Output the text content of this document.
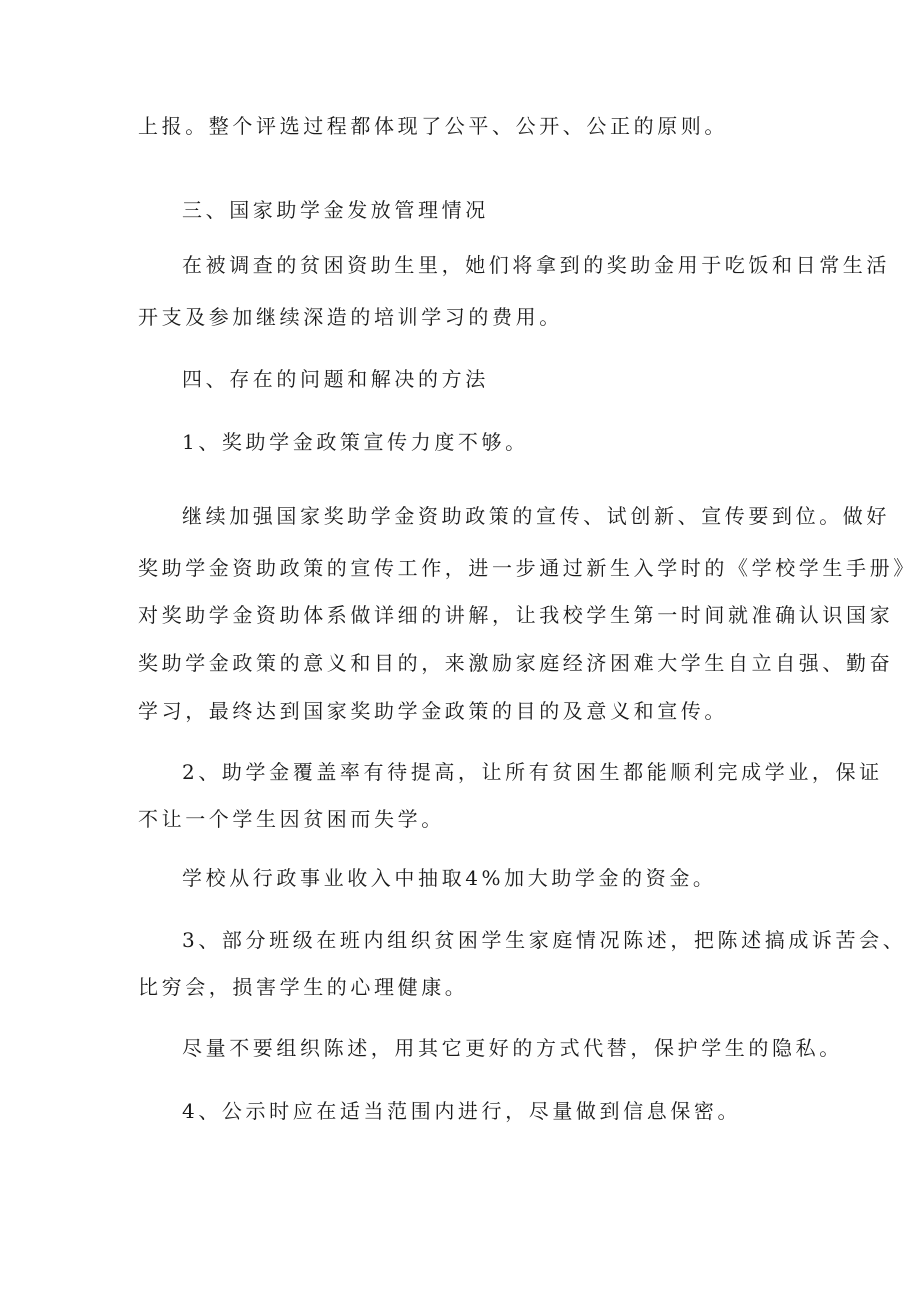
上报。整个评选过程都体现了公平、公开、公正的原则。
三、国家助学金发放管理情况
在被调查的贫困资助生里，她们将拿到的奖助金用于吃饭和日常生活
开支及参加继续深造的培训学习的费用。
四、存在的问题和解决的方法
1、奖助学金政策宣传力度不够。
继续加强国家奖助学金资助政策的宣传、试创新、宣传要到位。做好
奖助学金资助政策的宣传工作，进一步通过新生入学时的《学校学生手册》
对奖助学金资助体系做详细的讲解，让我校学生第一时间就准确认识国家
奖助学金政策的意义和目的，来激励家庭经济困难大学生自立自强、勤奋
学习，最终达到国家奖助学金政策的目的及意义和宣传。
2、助学金覆盖率有待提高，让所有贫困生都能顺利完成学业，保证
不让一个学生因贫困而失学。
学校从行政事业收入中抽取4%加大助学金的资金。
3、部分班级在班内组织贫困学生家庭情况陈述，把陈述搞成诉苦会、
比穷会，损害学生的心理健康。
尽量不要组织陈述，用其它更好的方式代替，保护学生的隐私。
4、公示时应在适当范围内进行，尽量做到信息保密。
